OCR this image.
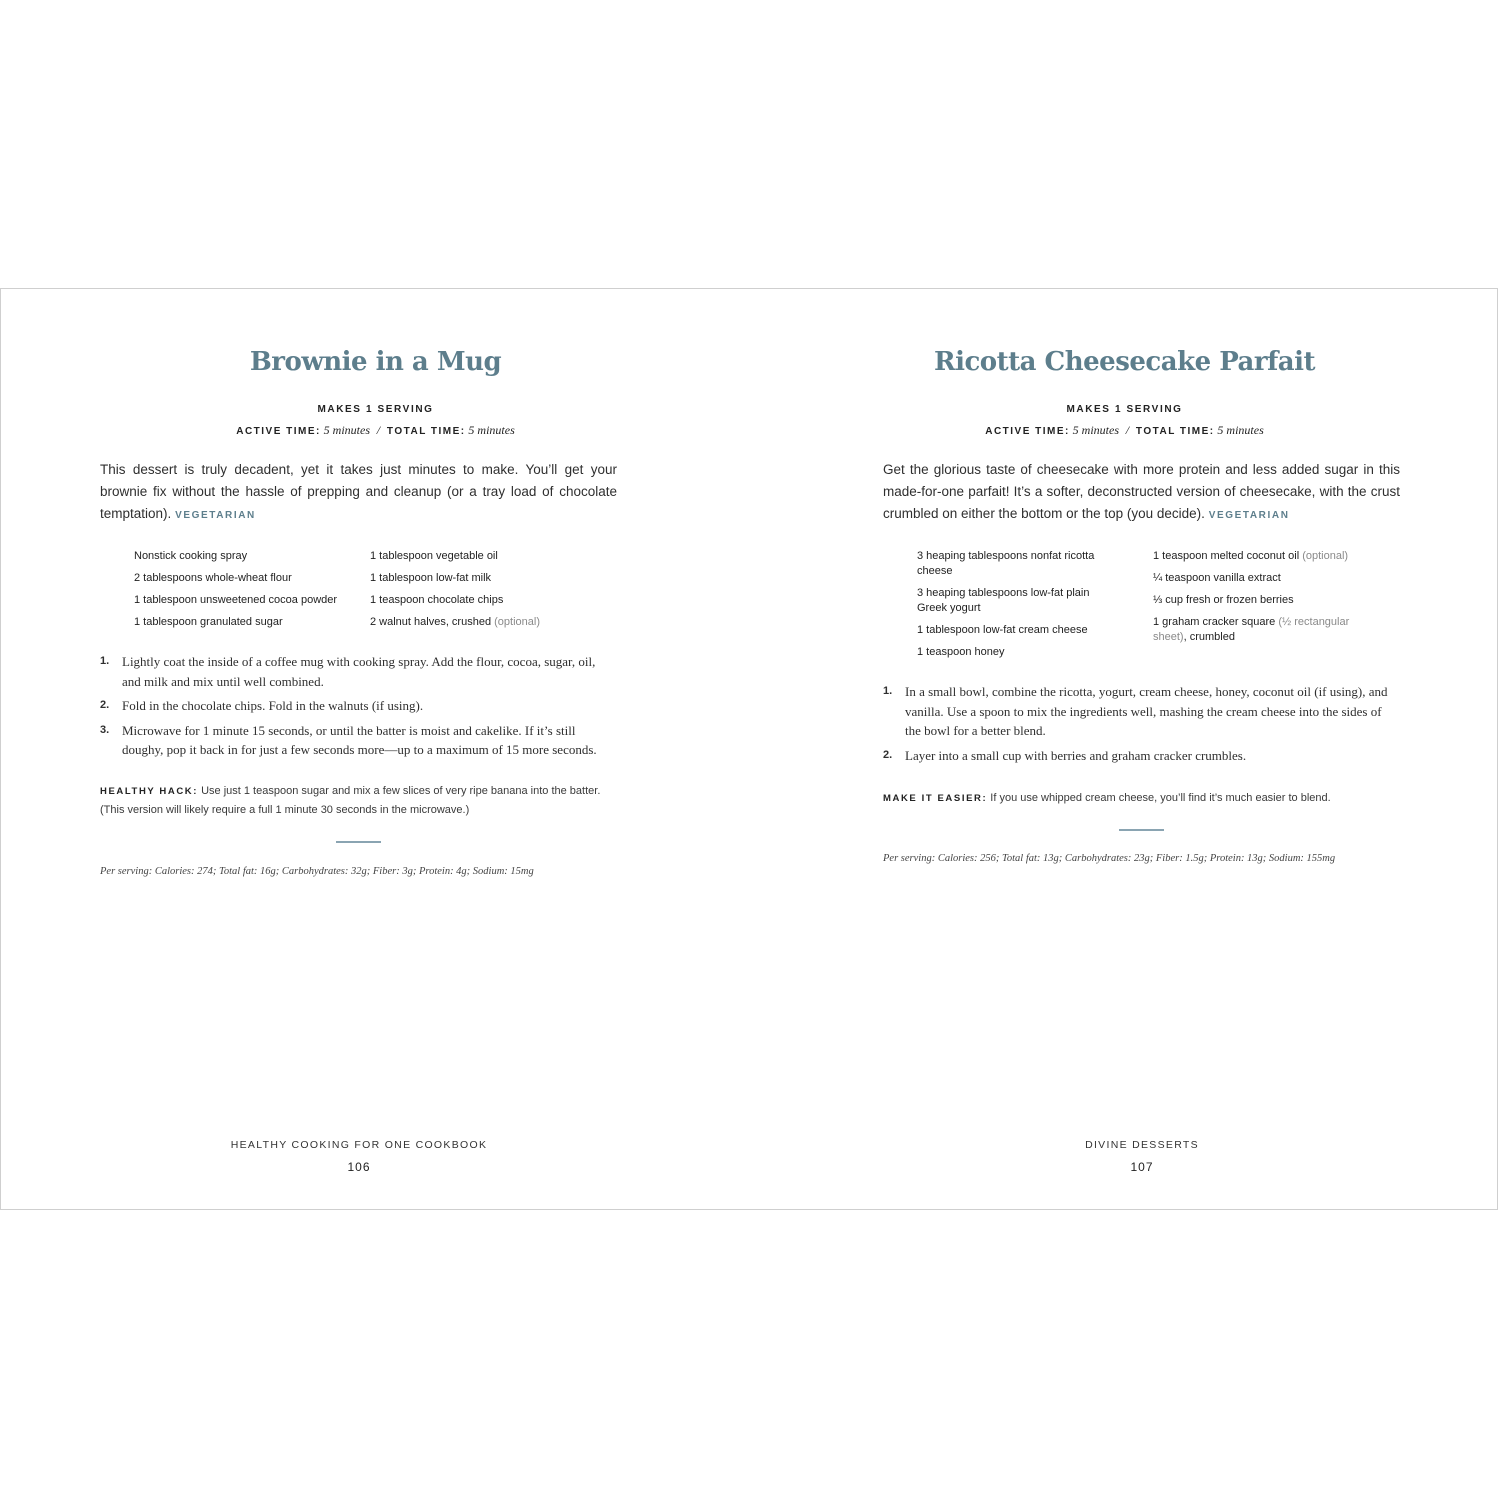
Brownie in a Mug
MAKES 1 SERVING
ACTIVE TIME: 5 minutes / TOTAL TIME: 5 minutes
This dessert is truly decadent, yet it takes just minutes to make. You’ll get your brownie fix without the hassle of prepping and cleanup (or a tray load of chocolate temptation). VEGETARIAN
Nonstick cooking spray
2 tablespoons whole-wheat flour
1 tablespoon unsweetened cocoa powder
1 tablespoon granulated sugar
1 tablespoon vegetable oil
1 tablespoon low-fat milk
1 teaspoon chocolate chips
2 walnut halves, crushed (optional)
1. Lightly coat the inside of a coffee mug with cooking spray. Add the flour, cocoa, sugar, oil, and milk and mix until well combined.
2. Fold in the chocolate chips. Fold in the walnuts (if using).
3. Microwave for 1 minute 15 seconds, or until the batter is moist and cakelike. If it’s still doughy, pop it back in for just a few seconds more—up to a maximum of 15 more seconds.
HEALTHY HACK: Use just 1 teaspoon sugar and mix a few slices of very ripe banana into the batter. (This version will likely require a full 1 minute 30 seconds in the microwave.)
Per serving: Calories: 274; Total fat: 16g; Carbohydrates: 32g; Fiber: 3g; Protein: 4g; Sodium: 15mg
HEALTHY COOKING FOR ONE COOKBOOK
106
Ricotta Cheesecake Parfait
MAKES 1 SERVING
ACTIVE TIME: 5 minutes / TOTAL TIME: 5 minutes
Get the glorious taste of cheesecake with more protein and less added sugar in this made-for-one parfait! It’s a softer, deconstructed version of cheesecake, with the crust crumbled on either the bottom or the top (you decide). VEGETARIAN
3 heaping tablespoons nonfat ricotta cheese
3 heaping tablespoons low-fat plain Greek yogurt
1 tablespoon low-fat cream cheese
1 teaspoon honey
1 teaspoon melted coconut oil (optional)
¼ teaspoon vanilla extract
⅓ cup fresh or frozen berries
1 graham cracker square (½ rectangular sheet), crumbled
1. In a small bowl, combine the ricotta, yogurt, cream cheese, honey, coconut oil (if using), and vanilla. Use a spoon to mix the ingredients well, mashing the cream cheese into the sides of the bowl for a better blend.
2. Layer into a small cup with berries and graham cracker crumbles.
MAKE IT EASIER: If you use whipped cream cheese, you’ll find it’s much easier to blend.
Per serving: Calories: 256; Total fat: 13g; Carbohydrates: 23g; Fiber: 1.5g; Protein: 13g; Sodium: 155mg
DIVINE DESSERTS
107
